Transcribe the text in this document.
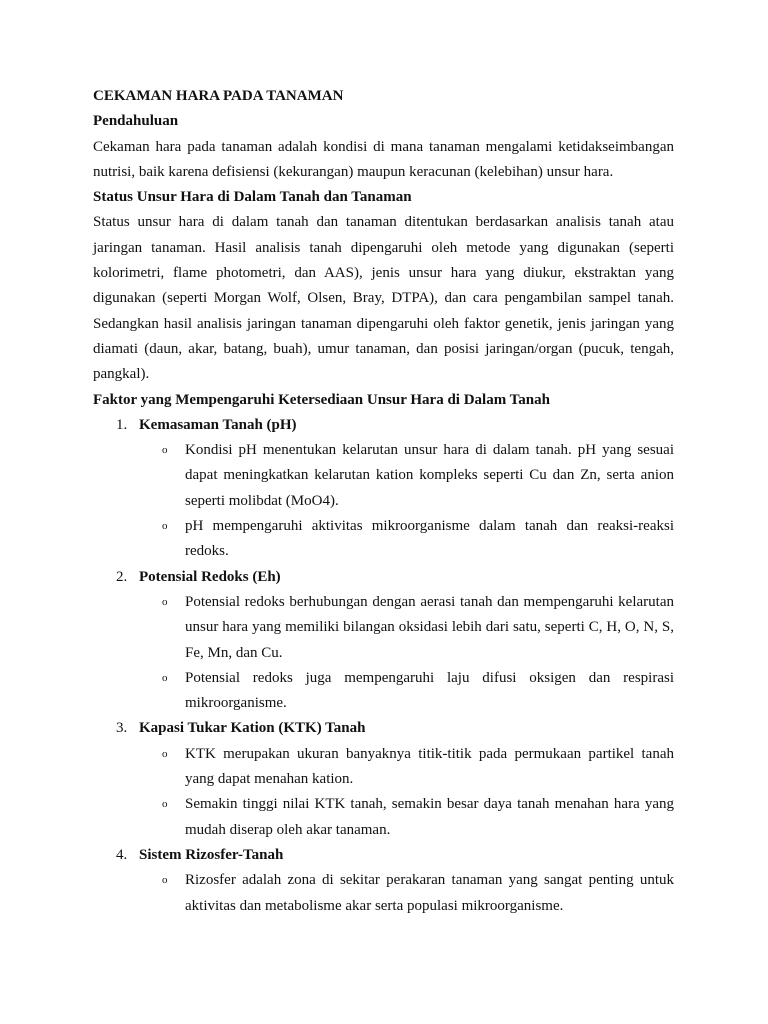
CEKAMAN HARA PADA TANAMAN

Pendahuluan

Cekaman hara pada tanaman adalah kondisi di mana tanaman mengalami ketidakseimbangan nutrisi, baik karena defisiensi (kekurangan) maupun keracunan (kelebihan) unsur hara.

Status Unsur Hara di Dalam Tanah dan Tanaman

Status unsur hara di dalam tanah dan tanaman ditentukan berdasarkan analisis tanah atau jaringan tanaman. Hasil analisis tanah dipengaruhi oleh metode yang digunakan (seperti kolorimetri, flame photometri, dan AAS), jenis unsur hara yang diukur, ekstraktan yang digunakan (seperti Morgan Wolf, Olsen, Bray, DTPA), dan cara pengambilan sampel tanah. Sedangkan hasil analisis jaringan tanaman dipengaruhi oleh faktor genetik, jenis jaringan yang diamati (daun, akar, batang, buah), umur tanaman, dan posisi jaringan/organ (pucuk, tengah, pangkal).

Faktor yang Mempengaruhi Ketersediaan Unsur Hara di Dalam Tanah

1. Kemasaman Tanah (pH)
o Kondisi pH menentukan kelarutan unsur hara di dalam tanah. pH yang sesuai dapat meningkatkan kelarutan kation kompleks seperti Cu dan Zn, serta anion seperti molibdat (MoO4).
o pH mempengaruhi aktivitas mikroorganisme dalam tanah dan reaksi-reaksi redoks.
2. Potensial Redoks (Eh)
o Potensial redoks berhubungan dengan aerasi tanah dan mempengaruhi kelarutan unsur hara yang memiliki bilangan oksidasi lebih dari satu, seperti C, H, O, N, S, Fe, Mn, dan Cu.
o Potensial redoks juga mempengaruhi laju difusi oksigen dan respirasi mikroorganisme.
3. Kapasi Tukar Kation (KTK) Tanah
o KTK merupakan ukuran banyaknya titik-titik pada permukaan partikel tanah yang dapat menahan kation.
o Semakin tinggi nilai KTK tanah, semakin besar daya tanah menahan hara yang mudah diserap oleh akar tanaman.
4. Sistem Rizosfer-Tanah
o Rizosfer adalah zona di sekitar perakaran tanaman yang sangat penting untuk aktivitas dan metabolisme akar serta populasi mikroorganisme.
